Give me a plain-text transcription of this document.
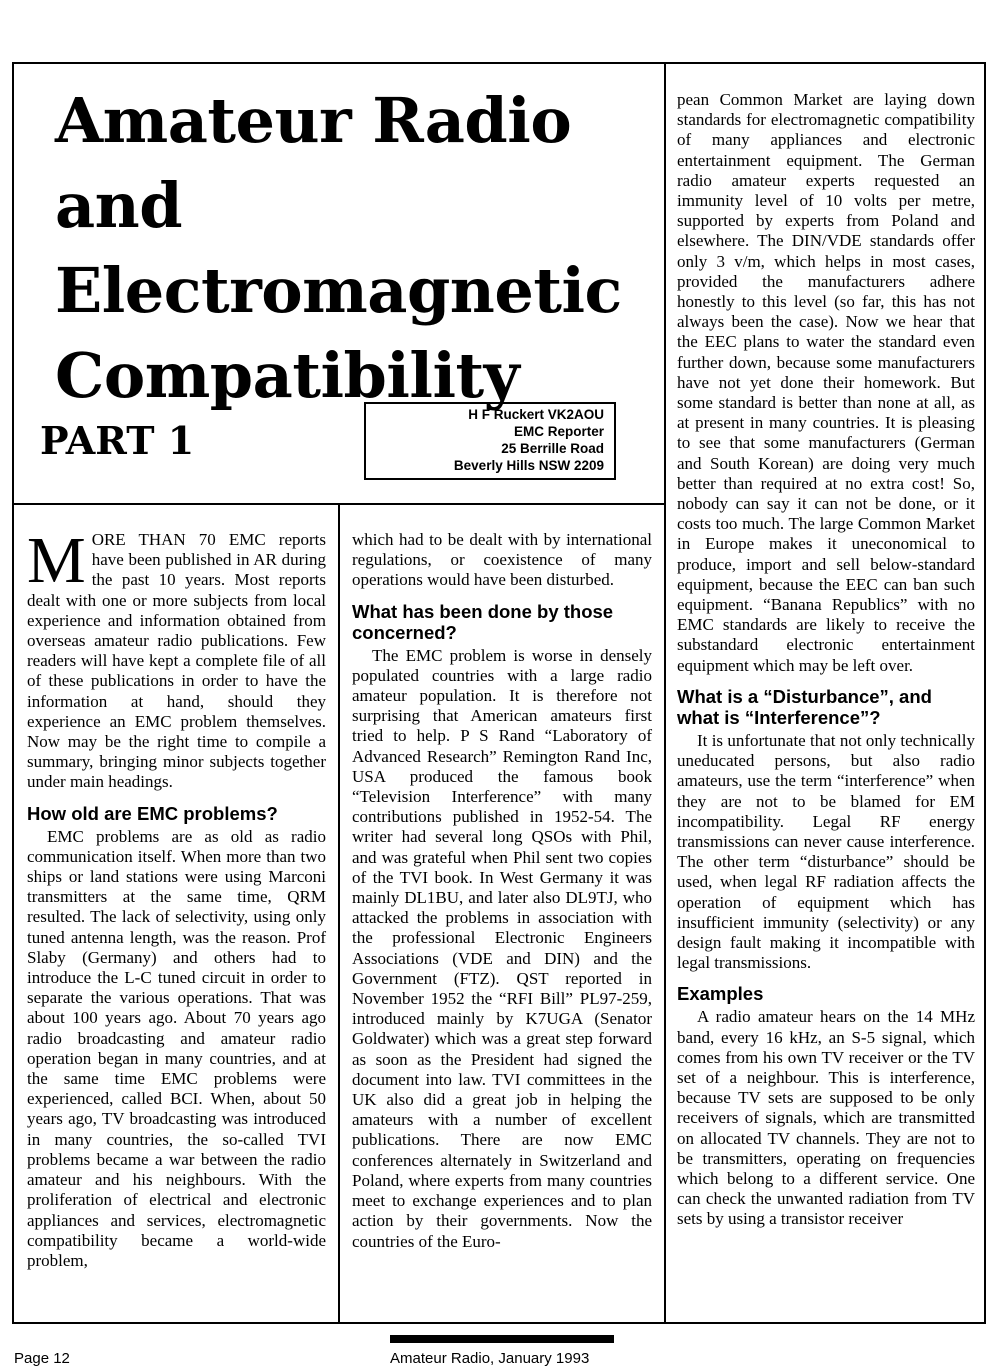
Amateur Radio
and
Electromagnetic
Compatibility
PART 1
H F Ruckert VK2AOU
EMC Reporter
25 Berrille Road
Beverly Hills NSW 2209

MORE THAN 70 EMC reports have been published in AR during the past 10 years. Most reports dealt with one or more subjects from local experience and information obtained from overseas amateur radio publications. Few readers will have kept a complete file of all of these publications in order to have the information at hand, should they experience an EMC problem themselves. Now may be the right time to compile a summary, bringing minor subjects together under main headings.

How old are EMC problems?

EMC problems are as old as radio communication itself. When more than two ships or land stations were using Marconi transmitters at the same time, QRM resulted. The lack of selectivity, using only tuned antenna length, was the reason. Prof Slaby (Germany) and others had to introduce the L-C tuned circuit in order to separate the various operations. That was about 100 years ago. About 70 years ago radio broadcasting and amateur radio operation began in many countries, and at the same time EMC problems were experienced, called BCI. When, about 50 years ago, TV broadcasting was introduced in many countries, the so-called TVI problems became a war between the radio amateur and his neighbours. With the proliferation of electrical and electronic appliances and services, electromagnetic compatibility became a world-wide problem,

which had to be dealt with by international regulations, or coexistence of many operations would have been disturbed.

What has been done by those concerned?

The EMC problem is worse in densely populated countries with a large radio amateur population. It is therefore not surprising that American amateurs first tried to help. P S Rand “Laboratory of Advanced Research” Remington Rand Inc, USA produced the famous book “Television Interference” with many contributions published in 1952-54. The writer had several long QSOs with Phil, and was grateful when Phil sent two copies of the TVI book. In West Germany it was mainly DL1BU, and later also DL9TJ, who attacked the problems in association with the professional Electronic Engineers Associations (VDE and DIN) and the Government (FTZ). QST reported in November 1952 the “RFI Bill” PL97-259, introduced mainly by K7UGA (Senator Goldwater) which was a great step forward as soon as the President had signed the document into law. TVI committees in the UK also did a great job in helping the amateurs with a number of excellent publications. There are now EMC conferences alternately in Switzerland and Poland, where experts from many countries meet to exchange experiences and to plan action by their governments. Now the countries of the Euro-

pean Common Market are laying down standards for electromagnetic compatibility of many appliances and electronic entertainment equipment. The German radio amateur experts requested an immunity level of 10 volts per metre, supported by experts from Poland and elsewhere. The DIN/VDE standards offer only 3 v/m, which helps in most cases, provided the manufacturers adhere honestly to this level (so far, this has not always been the case). Now we hear that the EEC plans to water the standard even further down, because some manufacturers have not yet done their homework. But some standard is better than none at all, as at present in many countries. It is pleasing to see that some manufacturers (German and South Korean) are doing very much better than required at no extra cost! So, nobody can say it can not be done, or it costs too much. The large Common Market in Europe makes it uneconomical to produce, import and sell below-standard equipment, because the EEC can ban such equipment. “Banana Republics” with no EMC standards are likely to receive the substandard electronic entertainment equipment which may be left over.

What is a “Disturbance”, and what is “Interference”?

It is unfortunate that not only technically uneducated persons, but also radio amateurs, use the term “interference” when they are not to be blamed for EM incompatibility. Legal RF energy transmissions can never cause interference. The other term “disturbance” should be used, when legal RF radiation affects the operation of equipment which has insufficient immunity (selectivity) or any design fault making it incompatible with legal transmissions.

Examples

A radio amateur hears on the 14 MHz band, every 16 kHz, an S-5 signal, which comes from his own TV receiver or the TV set of a neighbour. This is interference, because TV sets are supposed to be only receivers of signals, which are transmitted on allocated TV channels. They are not to be transmitters, operating on frequencies which belong to a different service. One can check the unwanted radiation from TV sets by using a transistor receiver

Page 12	Amateur Radio, January 1993
